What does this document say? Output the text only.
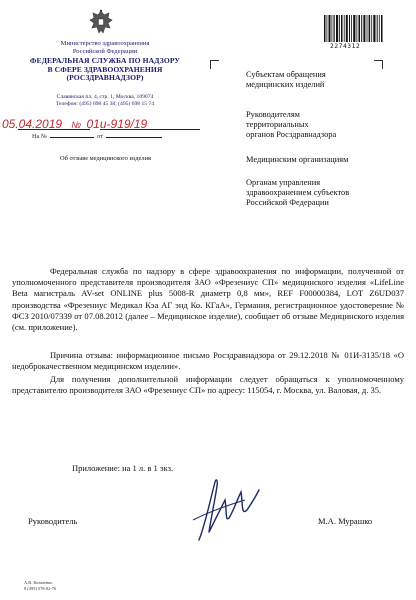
Министерство здравоохранения
Российской Федерации
ФЕДЕРАЛЬНАЯ СЛУЖБА ПО НАДЗОРУ
В СФЕРЕ ЗДРАВООХРАНЕНИЯ
(РОСЗДРАВНАДЗОР)
Славянская пл. 4, стр. 1, Москва, 109074
Телефон: (495) 698 45 38; (495) 698 15 74
05.04.2019 № 01и-919/19
На №	от
Об отзыве медицинского изделия
2274312
Субъектам обращения
медицинских изделий
Руководителям
территориальных
органов Росздравнадзора
Медицинским организациям
Органам управления
здравоохранением субъектов
Российской Федерации
Федеральная служба по надзору в сфере здравоохранения по информации, полученной от уполномоченного представителя производителя ЗАО «Фрезениус СП» медицинского изделия «LifeLine Beta магистраль AV-set ONLINE plus 5008-R диаметр 0,8 мм», REF F00000384, LOT Z6UD037 производства «Фрезениус Медикал Кэа АГ энд Ко. КГаА», Германия, регистрационное удостоверение № ФСЗ 2010/07339 от 07.08.2012 (далее – Медицинское изделие), сообщает об отзыве Медицинского изделия (см. приложение).
Причина отзыва: информационное письмо Росздравнадзора от 29.12.2018 № 01И-3135/18 «О недоброкачественном медицинском изделии».
Для получения дополнительной информации следует обращаться к уполномоченному представителю производителя ЗАО «Фрезениус СП» по адресу: 115054, г. Москва, ул. Валовая, д. 35.
Приложение: на 1 л. в 1 экз.
Руководитель	М.А. Мурашко
А.В. Козаченко
8 (495) 578-02-76
